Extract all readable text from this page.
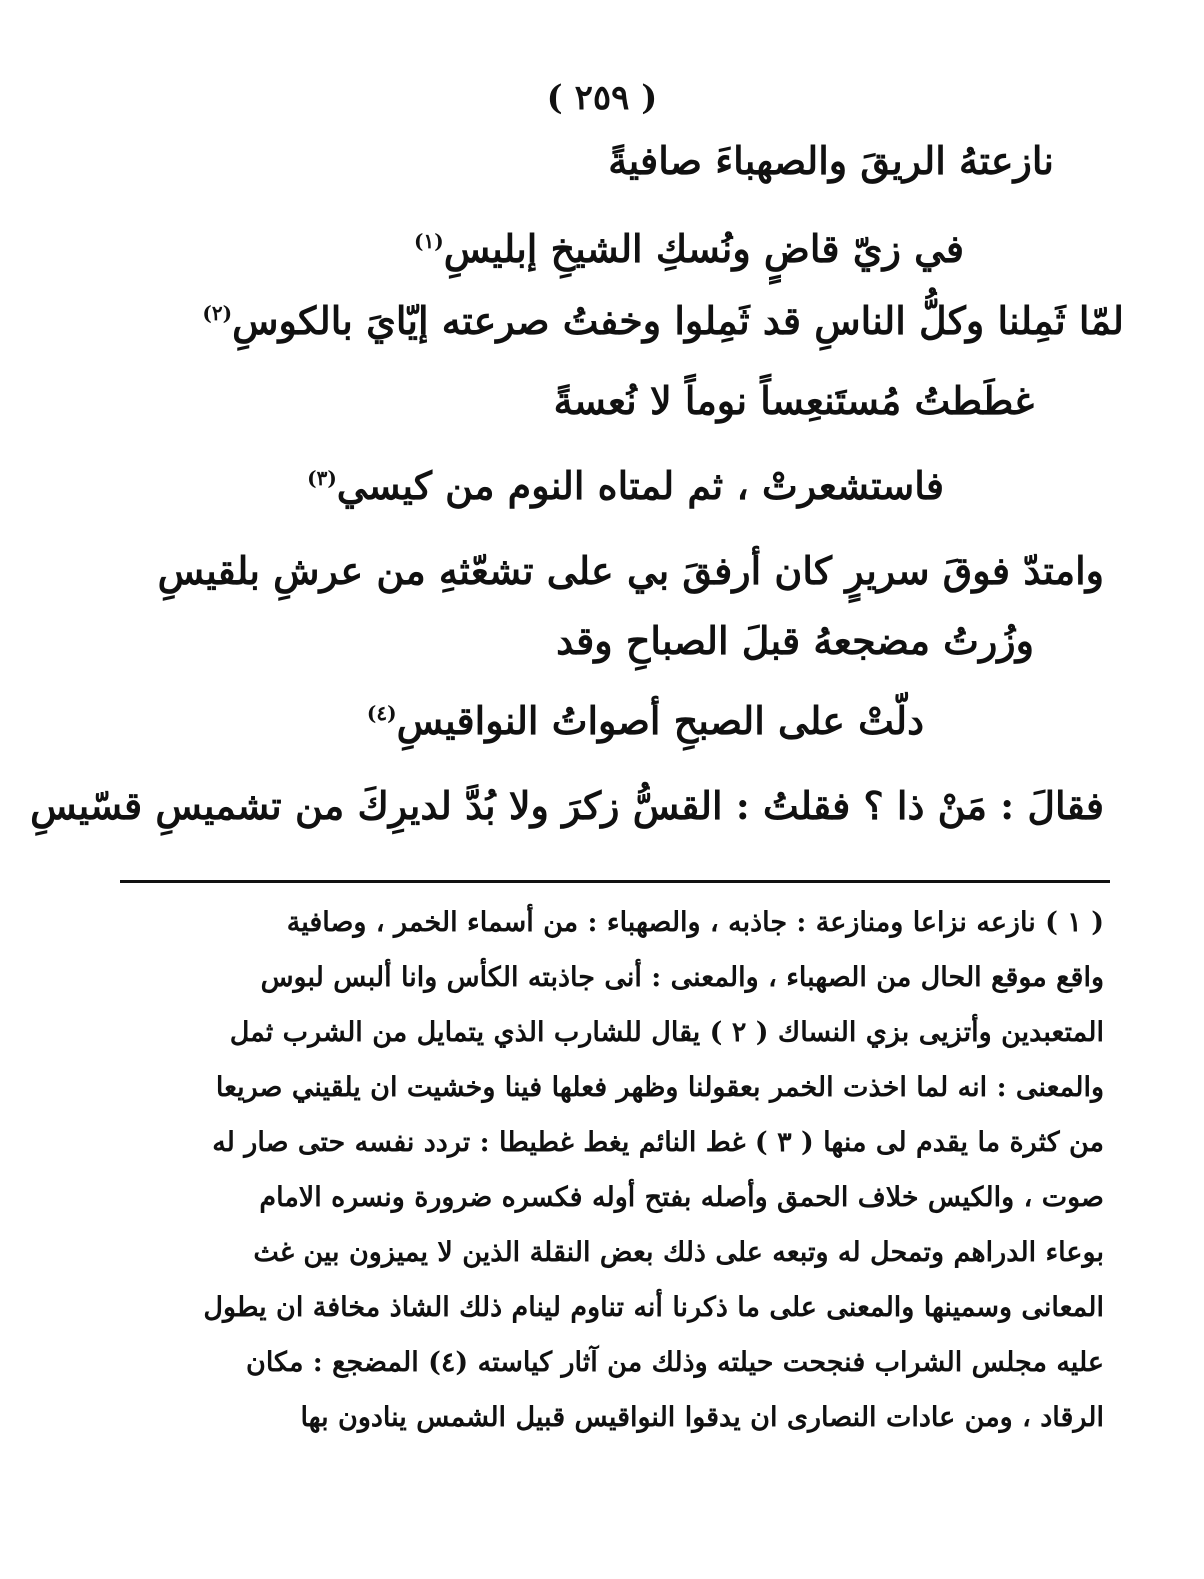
( ٢٥٩ )
نازعتهُ الريقَ والصهباءَ صافيةً
في زيّ قاضٍ ونُسكِ الشيخِ إبليسِ$^{(١)}$
لمّا ثَمِلنا وكلُّ الناسِ قد ثَمِلوا وخفتُ صرعته إيّايَ بالكوسِ$^{(٢)}$
غطَطتُ مُستَنعِساً نوماً لا نُعسةً
فاستشعرتْ ، ثم لمتاه النوم من كيسي$^{(٣)}$
وامتدّ فوقَ سريرٍ كان أرفقَ بي على تشعّثهِ من عرشِ بلقيسِ
وزُرتُ مضجعهُ قبلَ الصباحِ وقد
دلّتْ على الصبحِ أصواتُ النواقيسِ$^{(٤)}$
فقالَ : مَنْ ذا ؟ فقلتُ : القسُّ زكرَ ولا بُدَّ لديرِكَ من تشميسِ قسّيسِ
( ١ ) نازعه نزاعا ومنازعة : جاذبه ، والصهباء : من أسماء الخمر ، وصافية
واقع موقع الحال من الصهباء ، والمعنى : أنى جاذبته الكأس وانا ألبس لبوس
المتعبدين وأتزيى بزي النساك ( ٢ ) يقال للشارب الذي يتمايل من الشرب ثمل
والمعنى : انه لما اخذت الخمر بعقولنا وظهر فعلها فينا وخشيت ان يلقيني صريعا
من كثرة ما يقدم لى منها ( ٣ ) غط النائم يغط غطيطا : تردد نفسه حتى صار له
صوت ، والكيس خلاف الحمق وأصله بفتح أوله فكسره ضرورة ونسره الامام
بوعاء الدراهم وتمحل له وتبعه على ذلك بعض النقلة الذين لا يميزون بين غث
المعانى وسمينها والمعنى على ما ذكرنا أنه تناوم لينام ذلك الشاذ مخافة ان يطول
عليه مجلس الشراب فنجحت حيلته وذلك من آثار كياسته (٤) المضجع : مكان
الرقاد ، ومن عادات النصارى ان يدقوا النواقيس قبيل الشمس ينادون بها
